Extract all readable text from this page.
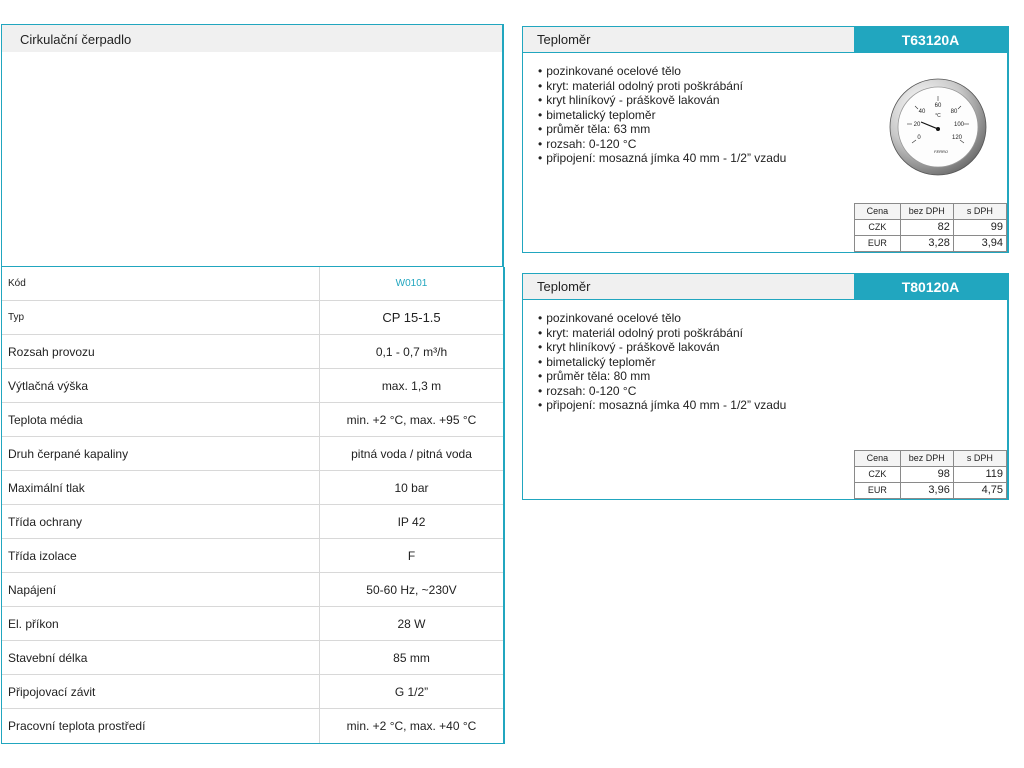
Cirkulační čerpadlo
Kód	W0101
Typ	CP 15-1.5
Rozsah provozu	0,1 - 0,7 m³/h
Výtlačná výška	max. 1,3 m
Teplota média	min. +2 °C, max. +95 °C
Druh čerpané kapaliny	pitná voda / pitná voda
Maximální tlak	10 bar
Třída ochrany	IP 42
Třída izolace	F
Napájení	50-60 Hz, ~230V
El. příkon	28 W
Stavební délka	85 mm
Připojovací závit	G 1/2”
Pracovní teplota prostředí	min. +2 °C, max. +40 °C
Teploměr	T63120A
• pozinkované ocelové tělo
• kryt: materiál odolný proti poškrábání
• kryt hliníkový - práškově lakován
• bimetalický teploměr
• průměr těla: 63 mm
• rozsah: 0-120 °C
• připojení: mosazná jímka 40 mm - 1/2” vzadu
0
20
40
60
80
100
120
°C
FERRO
Cena	bez DPH	s DPH
CZK	82	99
EUR	3,28	3,94
Teploměr	T80120A
• pozinkované ocelové tělo
• kryt: materiál odolný proti poškrábání
• kryt hliníkový - práškově lakován
• bimetalický teploměr
• průměr těla: 80 mm
• rozsah: 0-120 °C
• připojení: mosazná jímka 40 mm - 1/2” vzadu
Cena	bez DPH	s DPH
CZK	98	119
EUR	3,96	4,75
